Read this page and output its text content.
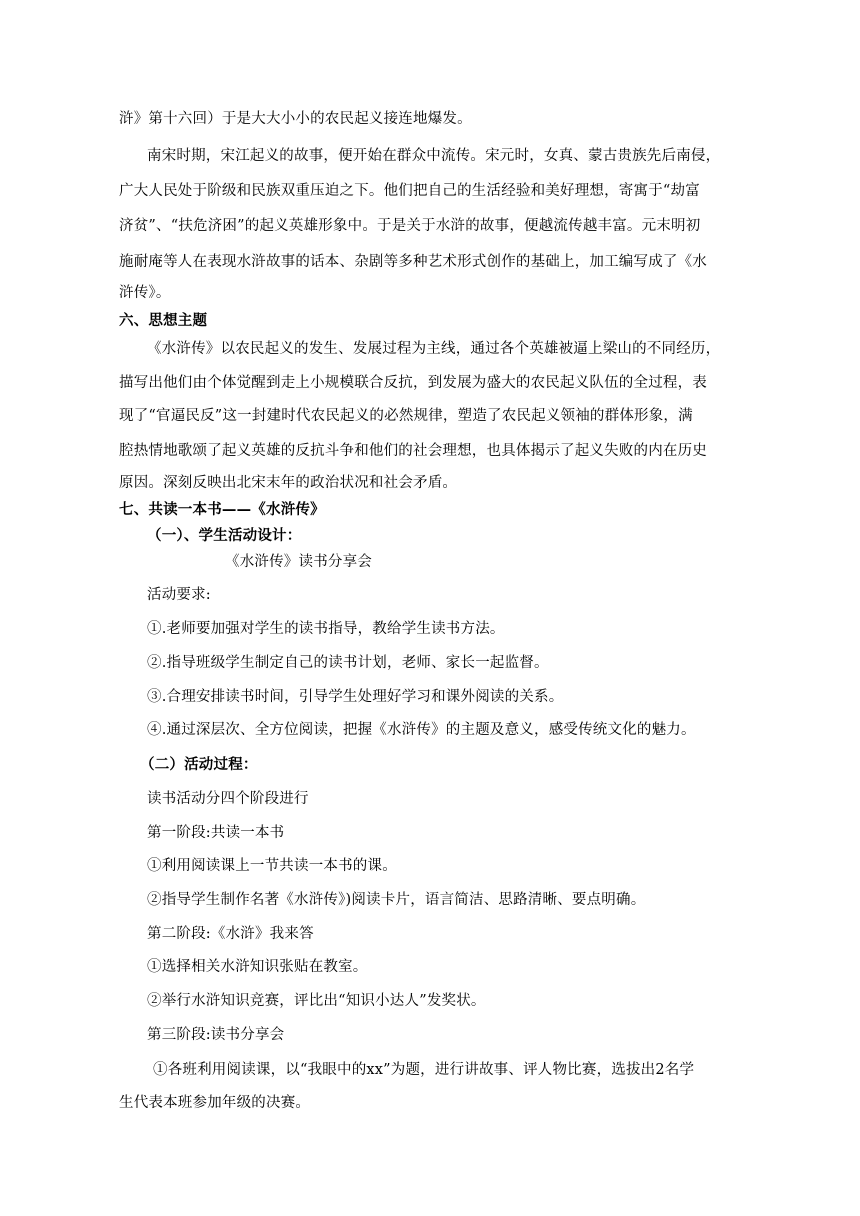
浒》第十六回）于是大大小小的农民起义接连地爆发。
南宋时期，宋江起义的故事，便开始在群众中流传。宋元时，女真、蒙古贵族先后南侵，
广大人民处于阶级和民族双重压迫之下。他们把自己的生活经验和美好理想，寄寓于“劫富
济贫”、“扶危济困”的起义英雄形象中。于是关于水浒的故事，便越流传越丰富。元末明初
施耐庵等人在表现水浒故事的话本、杂剧等多种艺术形式创作的基础上，加工编写成了《水
浒传》。
六、思想主题
《水浒传》以农民起义的发生、发展过程为主线，通过各个英雄被逼上梁山的不同经历，
描写出他们由个体觉醒到走上小规模联合反抗，到发展为盛大的农民起义队伍的全过程，表
现了“官逼民反”这一封建时代农民起义的必然规律，塑造了农民起义领袖的群体形象，满
腔热情地歌颂了起义英雄的反抗斗争和他们的社会理想，也具体揭示了起义失败的内在历史
原因。深刻反映出北宋末年的政治状况和社会矛盾。
七、共读一本书——《水浒传》
（一）、学生活动设计：
《水浒传》读书分享会
活动要求:
①.老师要加强对学生的读书指导，教给学生读书方法。
②.指导班级学生制定自己的读书计划，老师、家长一起监督。
③.合理安排读书时间，引导学生处理好学习和课外阅读的关系。
④.通过深层次、全方位阅读，把握《水浒传》的主题及意义，感受传统文化的魅力。
（二）活动过程：
读书活动分四个阶段进行
第一阶段:共读一本书
①利用阅读课上一节共读一本书的课。
②指导学生制作名著《水浒传》)阅读卡片，语言简洁、思路清晰、要点明确。
第二阶段:《水浒》我来答
①选择相关水浒知识张贴在教室。
②举行水浒知识竞赛，评比出“知识小达人”发奖状。
第三阶段:读书分享会
①各班利用阅读课，以“我眼中的xx”为题，进行讲故事、评人物比赛，选拔出2名学
生代表本班参加年级的决赛。
